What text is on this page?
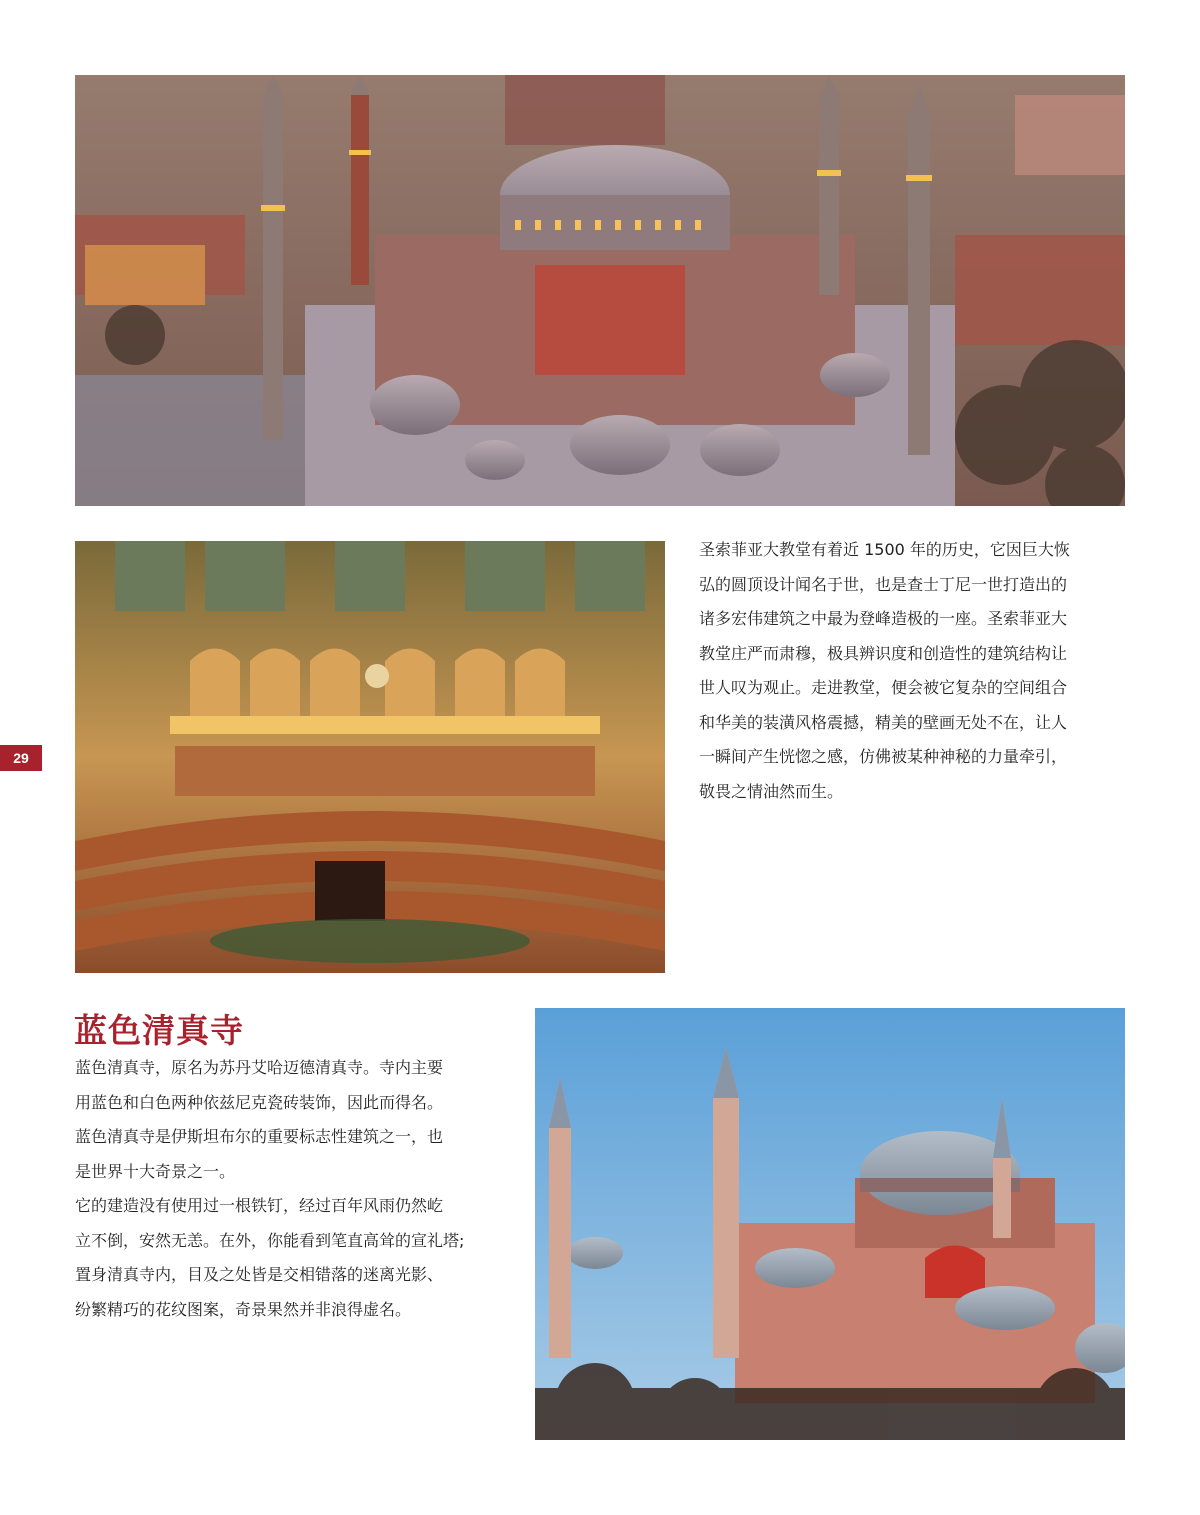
29
圣索菲亚大教堂有着近 1500 年的历史，它因巨大恢
弘的圆顶设计闻名于世，也是查士丁尼一世打造出的
诸多宏伟建筑之中最为登峰造极的一座。圣索菲亚大
教堂庄严而肃穆，极具辨识度和创造性的建筑结构让
世人叹为观止。走进教堂，便会被它复杂的空间组合
和华美的装潢风格震撼，精美的壁画无处不在，让人
一瞬间产生恍惚之感，仿佛被某种神秘的力量牵引，
敬畏之情油然而生。
蓝色清真寺
蓝色清真寺，原名为苏丹艾哈迈德清真寺。寺内主要
用蓝色和白色两种依兹尼克瓷砖装饰，因此而得名。
蓝色清真寺是伊斯坦布尔的重要标志性建筑之一，也
是世界十大奇景之一。
它的建造没有使用过一根铁钉，经过百年风雨仍然屹
立不倒，安然无恙。在外，你能看到笔直高耸的宣礼塔;
置身清真寺内，目及之处皆是交相错落的迷离光影、
纷繁精巧的花纹图案，奇景果然并非浪得虚名。
